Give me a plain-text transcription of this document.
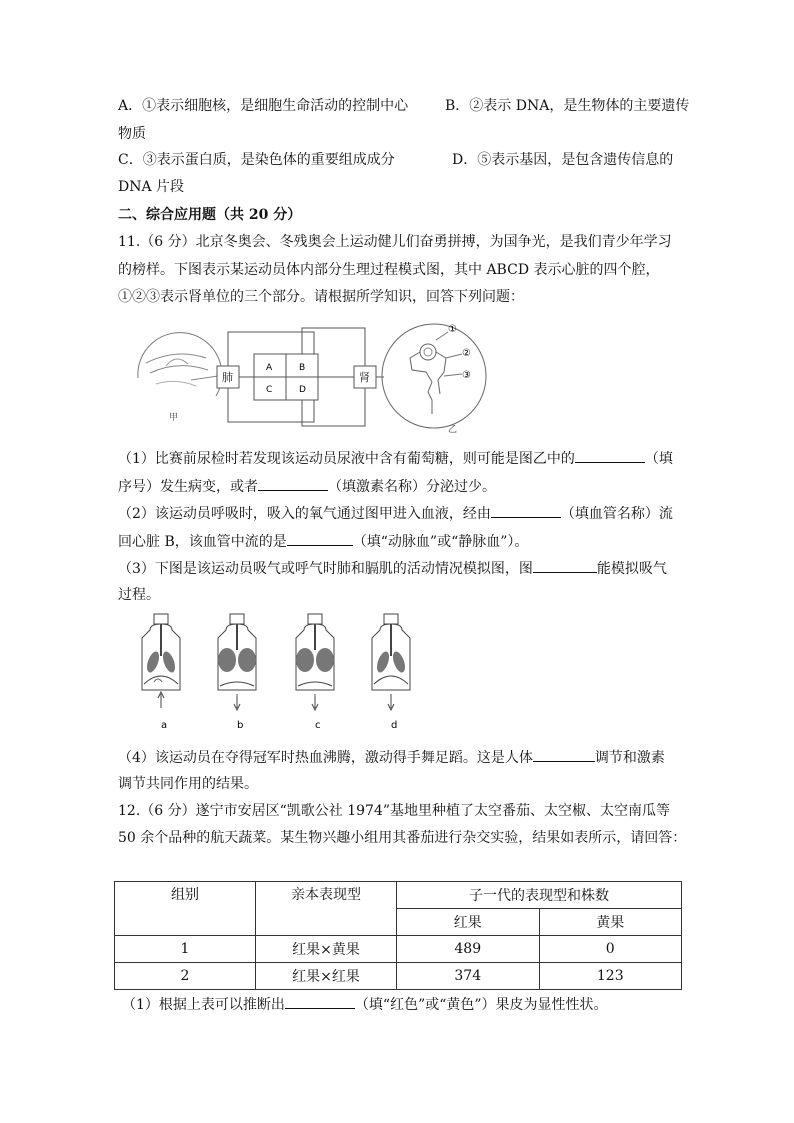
A．①表示细胞核，是细胞生命活动的控制中心	B．②表示 DNA，是生物体的主要遗传
物质
C．③表示蛋白质，是染色体的重要组成成分	D．⑤表示基因，是包含遗传信息的
DNA 片段
二、综合应用题（共 20 分）
11.（6 分）北京冬奥会、冬残奥会上运动健儿们奋勇拼搏，为国争光，是我们青少年学习
的榜样。下图表示某运动员体内部分生理过程模式图，其中 ABCD 表示心脏的四个腔，
①②③表示肾单位的三个部分。请根据所学知识，回答下列问题：
甲
肺
A
C
B
D
肾
①
②
③
乙
（1）比赛前尿检时若发现该运动员尿液中含有葡萄糖，则可能是图乙中的	（填
序号）发生病变，或者	（填激素名称）分泌过少。
（2）该运动员呼吸时，吸入的氧气通过图甲进入血液，经由	（填血管名称）流
回心脏 B，该血管中流的是	（填“动脉血”或“静脉血”）。
（3）下图是该运动员吸气或呼气时肺和膈肌的活动情况模拟图，图	能模拟吸气
过程。
a	b	c	d
（4）该运动员在夺得冠军时热血沸腾，激动得手舞足蹈。这是人体	调节和激素
调节共同作用的结果。
12.（6 分）遂宁市安居区“凯歌公社 1974”基地里种植了太空番茄、太空椒、太空南瓜等
50 余个品种的航天蔬菜。某生物兴趣小组用其番茄进行杂交实验，结果如表所示，请回答：
组别	亲本表现型	子一代的表现型和株数	
		红果	黄果
1	红果×黄果	489	0
2	红果×红果	374	123
（1）根据上表可以推断出	（填“红色”或“黄色”）果皮为显性性状。
